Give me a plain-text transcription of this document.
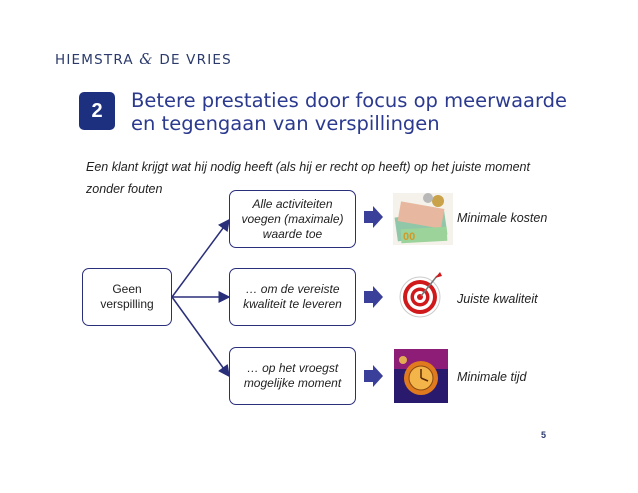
HIEMSTRA & DE VRIES
2	Betere prestaties door focus op meerwaarde
en tegengaan van verspillingen
Een klant krijgt wat hij nodig heeft (als hij er recht op heeft) op het juiste moment
zonder fouten
00
Geen
verspilling
Alle activiteiten
voegen (maximale)
waarde toe
… om de vereiste
kwaliteit te leveren
… op het vroegst
mogelijke moment
Minimale kosten
Juiste kwaliteit
Minimale tijd
5
